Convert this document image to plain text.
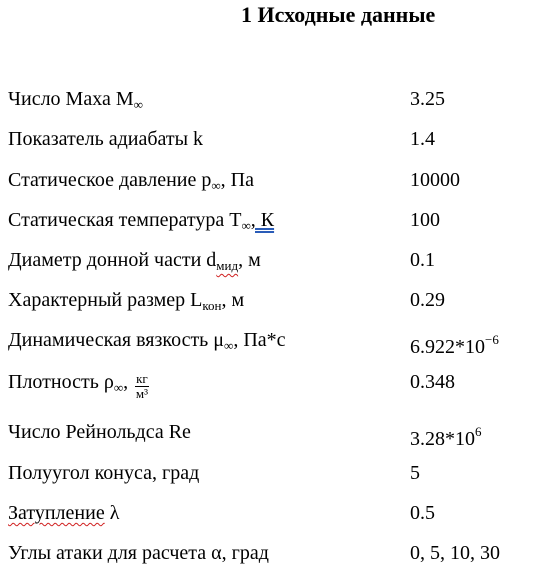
1 Исходные данные
Число Маха $M_\infty$	3.25
Показатель адиабаты k	1.4
Статическое давление $p_\infty$, Па	10000
Статическая температура $T_\infty$, К	100
Диаметр донной части $d_{мид}$, м	0.1
Характерный размер $L_{кон}$, м	0.29
Динамическая вязкость $\mu_\infty$, Па*с	$6.922*10^{-6}$
Плотность $\rho_\infty$, $\frac{кг}{\text{м³}}$	0.348
Число Рейнольдса Re	$3.28*10^6$
Полуугол конуса, град	5
Затупление λ	0.5
Углы атаки для расчета α, град	0, 5, 10, 30
